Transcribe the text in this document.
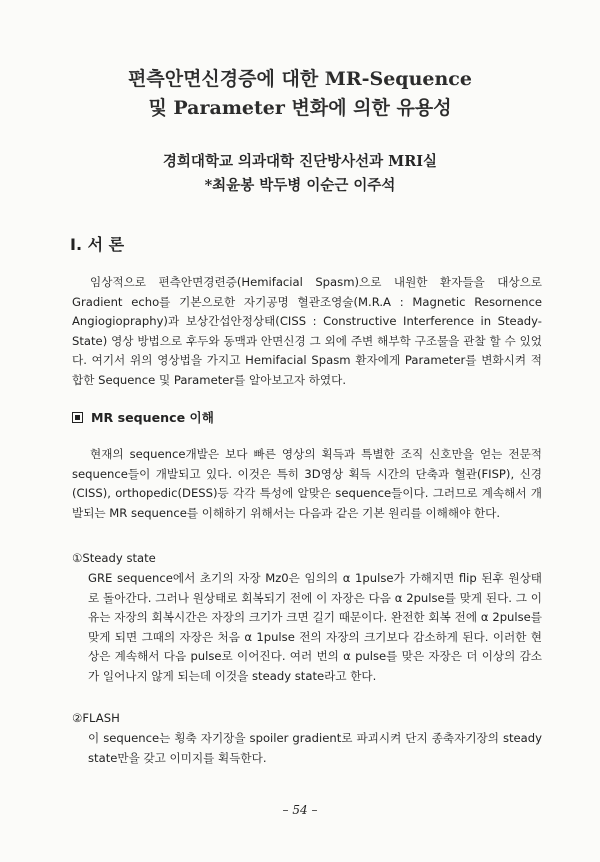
편측안면신경증에 대한 MR-Sequence
및 Parameter 변화에 의한 유용성
경희대학교 의과대학 진단방사선과 MRI실
*최윤봉 박두병 이순근 이주석
I. 서 론
임상적으로 편측안면경련증(Hemifacial Spasm)으로 내원한 환자들을 대상으로 Gradient echo를 기본으로한 자기공명 혈관조영술(M.R.A : Magnetic Resornence Angiogiopraphy)과 보상간섭안정상태(CISS : Constructive Interference in Steady-State) 영상 방법으로 후두와 동맥과 안면신경 그 외에 주변 해부학 구조물을 관찰 할 수 있었다. 여기서 위의 영상법을 가지고 Hemifacial Spasm 환자에게 Parameter를 변화시켜 적합한 Sequence 및 Parameter를 알아보고자 하였다.
MR sequence 이해
현재의 sequence개발은 보다 빠른 영상의 획득과 특별한 조직 신호만을 얻는 전문적 sequence들이 개발되고 있다. 이것은 특히 3D영상 획득 시간의 단축과 혈관(FISP), 신경(CISS), orthopedic(DESS)등 각각 특성에 알맞은 sequence들이다. 그러므로 계속해서 개발되는 MR sequence를 이해하기 위해서는 다음과 같은 기본 원리를 이해해야 한다.
①Steady state
GRE sequence에서 초기의 자장 Mz0은 임의의 α 1pulse가 가해지면 flip 된후 원상태로 돌아간다. 그러나 원상태로 회복되기 전에 이 자장은 다음 α 2pulse를 맞게 된다. 그 이유는 자장의 회복시간은 자장의 크기가 크면 길기 때문이다. 완전한 회복 전에 α 2pulse를 맞게 되면 그때의 자장은 처음 α 1pulse 전의 자장의 크기보다 감소하게 된다. 이러한 현상은 계속해서 다음 pulse로 이어진다. 여러 번의 α pulse를 맞은 자장은 더 이상의 감소가 일어나지 않게 되는데 이것을 steady state라고 한다.
②FLASH
이 sequence는 횡축 자기장을 spoiler gradient로 파괴시켜 단지 종축자기장의 steady state만을 갖고 이미지를 획득한다.
– 54 –
